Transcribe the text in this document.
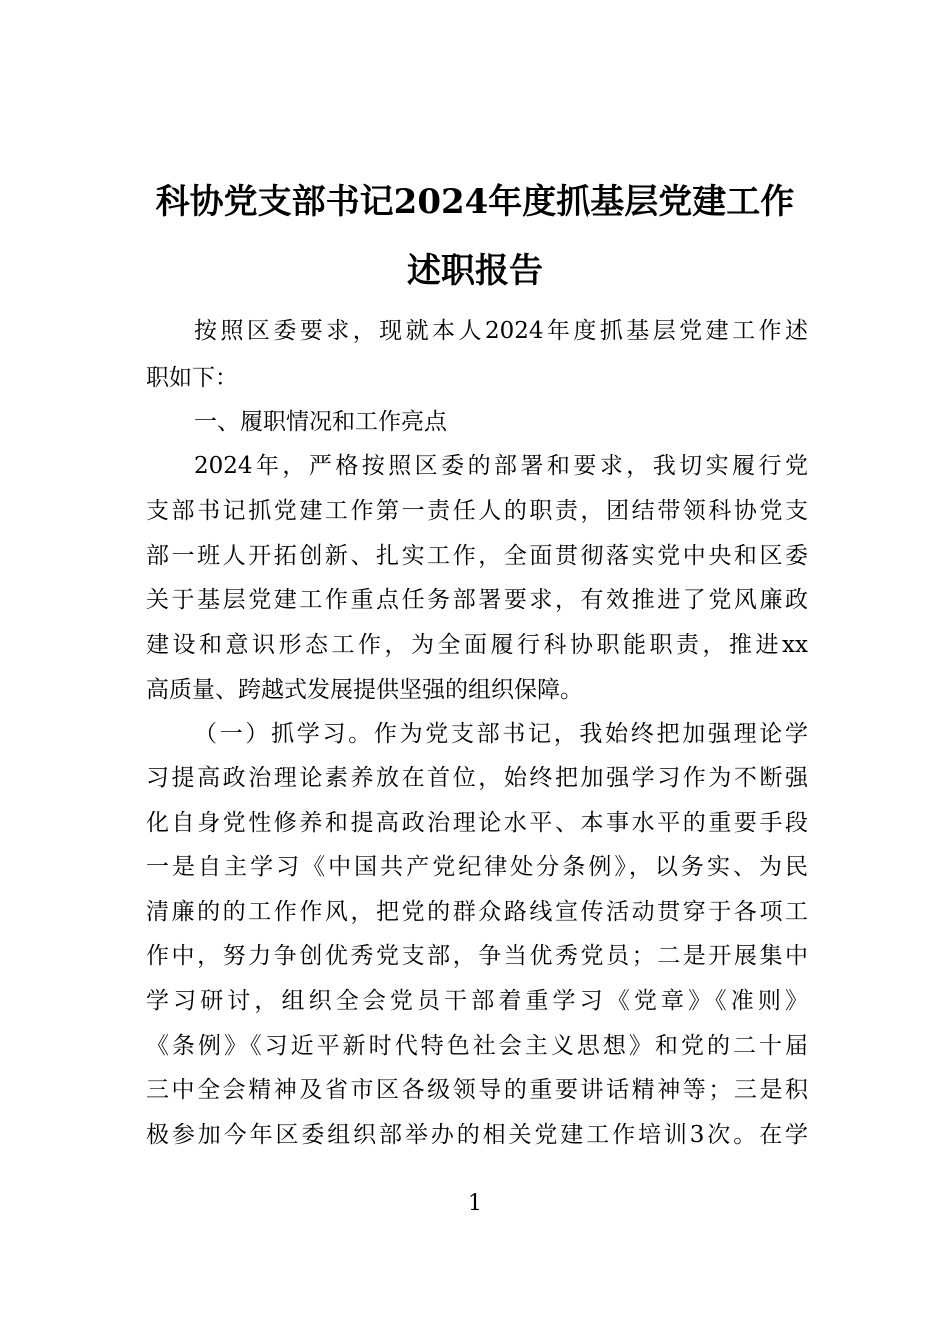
科协党支部书记2024年度抓基层党建工作
述职报告
按照区委要求，现就本人2024年度抓基层党建工作述
职如下：
一、履职情况和工作亮点
2024年，严格按照区委的部署和要求，我切实履行党
支部书记抓党建工作第一责任人的职责，团结带领科协党支
部一班人开拓创新、扎实工作，全面贯彻落实党中央和区委
关于基层党建工作重点任务部署要求，有效推进了党风廉政
建设和意识形态工作，为全面履行科协职能职责，推进xx
高质量、跨越式发展提供坚强的组织保障。
（一）抓学习。作为党支部书记，我始终把加强理论学
习提高政治理论素养放在首位，始终把加强学习作为不断强
化自身党性修养和提高政治理论水平、本事水平的重要手段
一是自主学习《中国共产党纪律处分条例》，以务实、为民
清廉的的工作作风，把党的群众路线宣传活动贯穿于各项工
作中，努力争创优秀党支部，争当优秀党员；二是开展集中
学习研讨，组织全会党员干部着重学习《党章》《准则》
《条例》《习近平新时代特色社会主义思想》和党的二十届
三中全会精神及省市区各级领导的重要讲话精神等；三是积
极参加今年区委组织部举办的相关党建工作培训3次。在学
1
